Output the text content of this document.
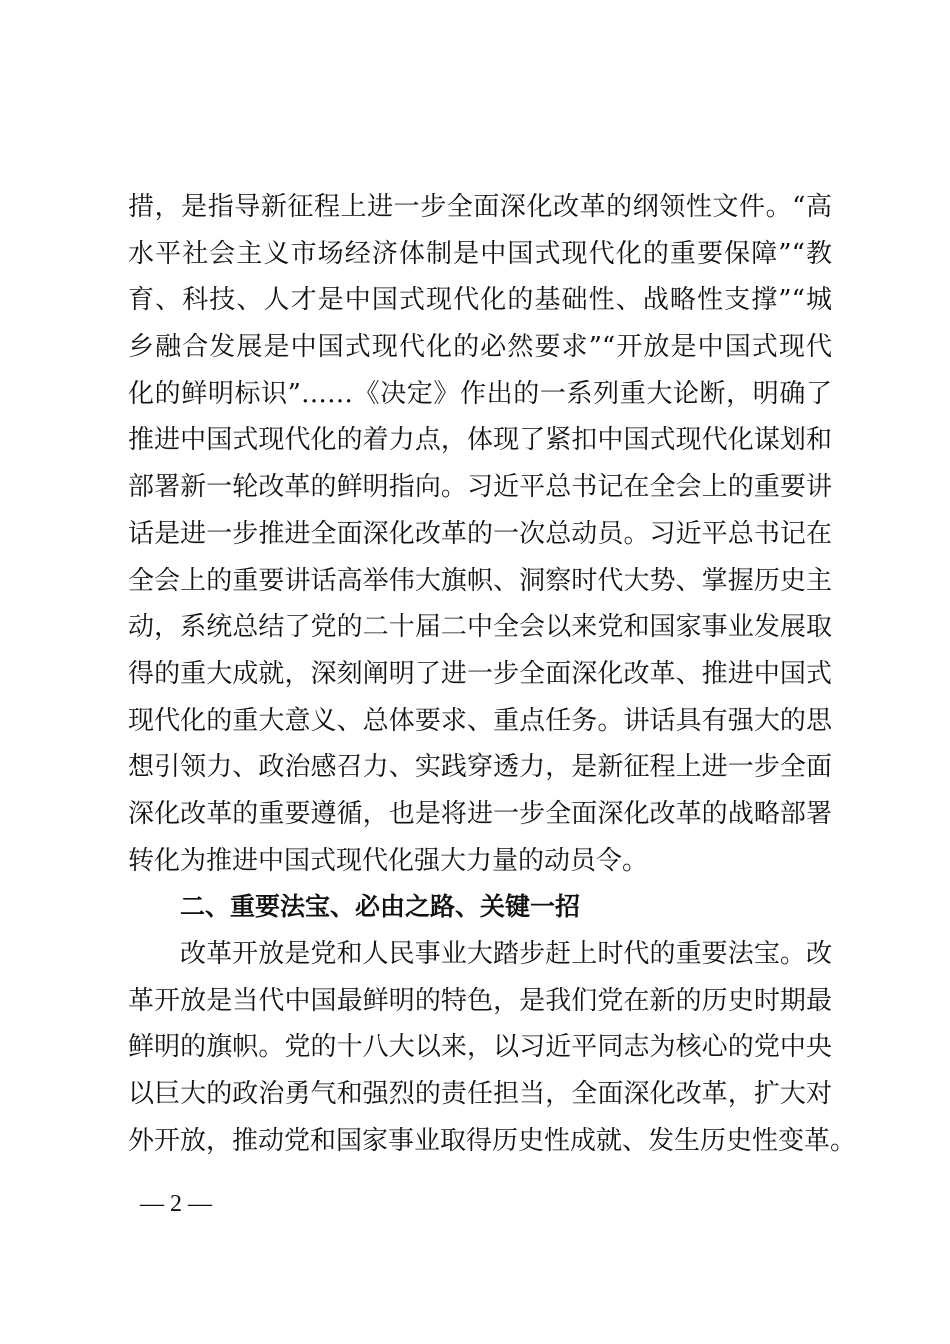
措，是指导新征程上进一步全面深化改革的纲领性文件。“高
水平社会主义市场经济体制是中国式现代化的重要保障”“教
育、科技、人才是中国式现代化的基础性、战略性支撑”“城
乡融合发展是中国式现代化的必然要求”“开放是中国式现代
化的鲜明标识”……《决定》作出的一系列重大论断，明确了
推进中国式现代化的着力点，体现了紧扣中国式现代化谋划和
部署新一轮改革的鲜明指向。习近平总书记在全会上的重要讲
话是进一步推进全面深化改革的一次总动员。习近平总书记在
全会上的重要讲话高举伟大旗帜、洞察时代大势、掌握历史主
动，系统总结了党的二十届二中全会以来党和国家事业发展取
得的重大成就，深刻阐明了进一步全面深化改革、推进中国式
现代化的重大意义、总体要求、重点任务。讲话具有强大的思
想引领力、政治感召力、实践穿透力，是新征程上进一步全面
深化改革的重要遵循，也是将进一步全面深化改革的战略部署
转化为推进中国式现代化强大力量的动员令。
二、重要法宝、必由之路、关键一招
改革开放是党和人民事业大踏步赶上时代的重要法宝。改
革开放是当代中国最鲜明的特色，是我们党在新的历史时期最
鲜明的旗帜。党的十八大以来，以习近平同志为核心的党中央
以巨大的政治勇气和强烈的责任担当，全面深化改革，扩大对
外开放，推动党和国家事业取得历史性成就、发生历史性变革。
— 2 —
